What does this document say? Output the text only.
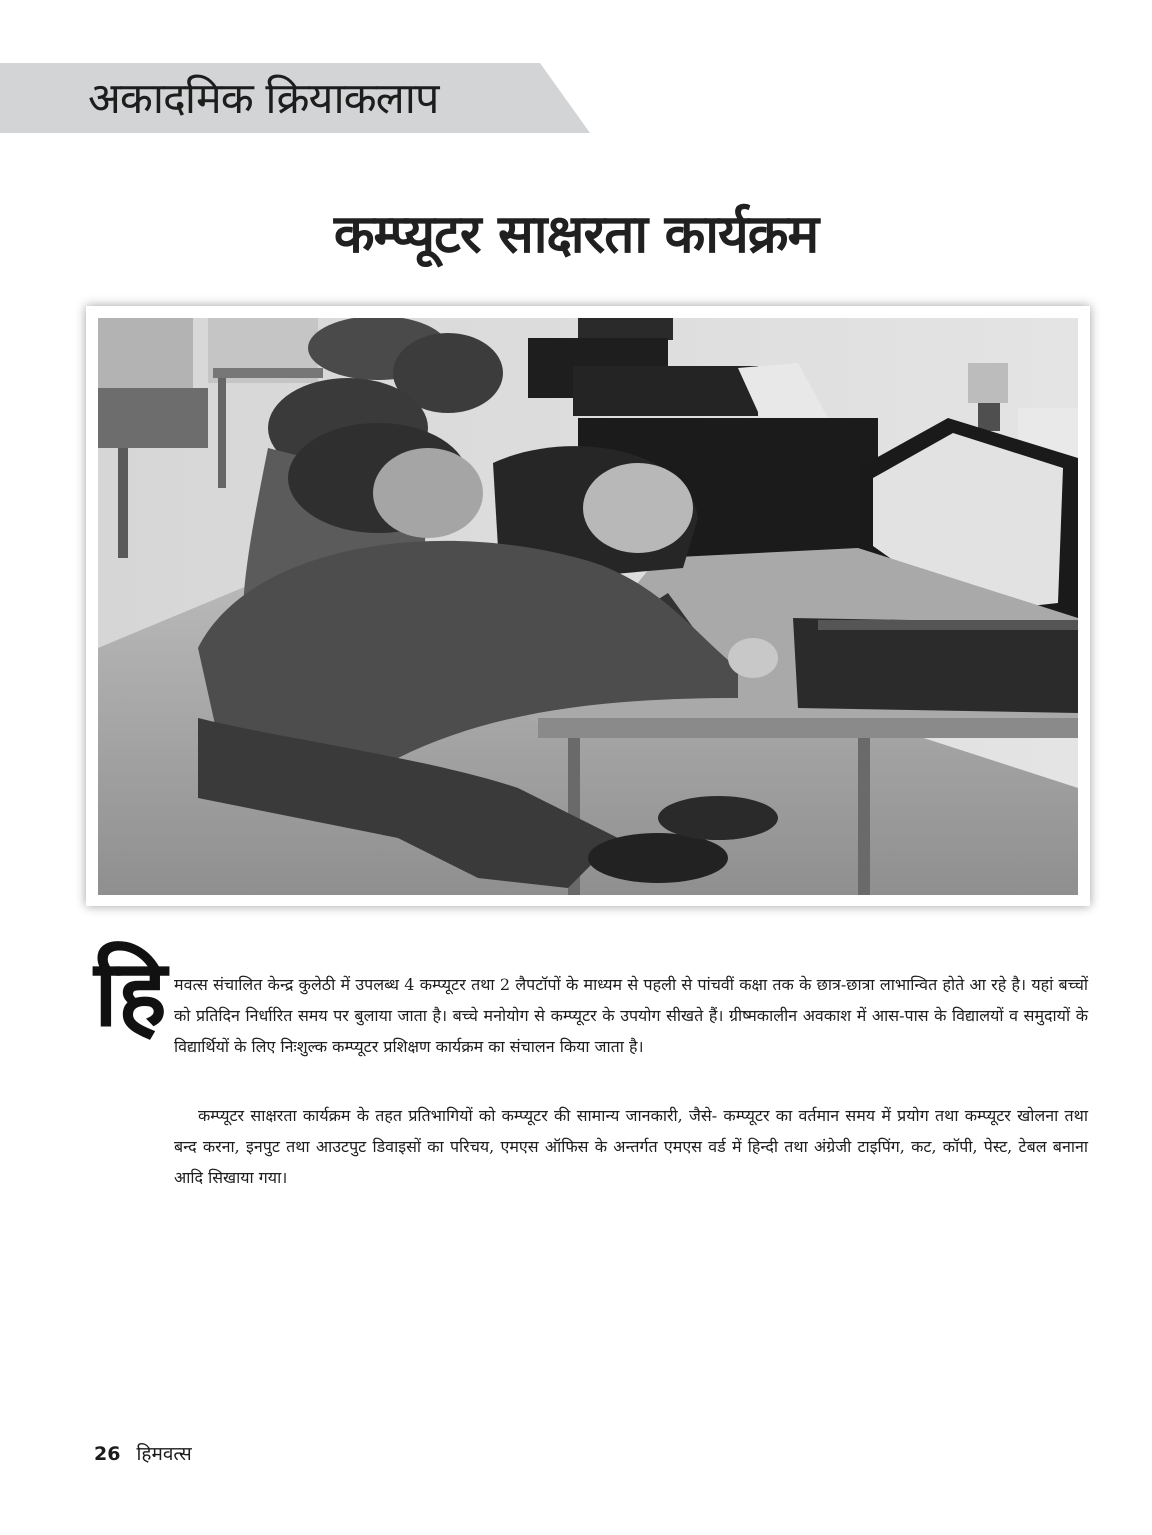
अकादमिक क्रियाकलाप
कम्प्यूटर साक्षरता कार्यक्रम
हि मवत्स संचालित केन्द्र कुलेठी में उपलब्ध 4 कम्प्यूटर तथा 2 लैपटॉपों के माध्यम से पहली से पांचवीं कक्षा तक के छात्र-छात्रा लाभान्वित होते आ रहे है। यहां बच्चों को प्रतिदिन निर्धारित समय पर बुलाया जाता है। बच्चे मनोयोग से कम्प्यूटर के उपयोग सीखते हैं। ग्रीष्मकालीन अवकाश में आस-पास के विद्यालयों व समुदायों के विद्यार्थियों के लिए निःशुल्क कम्प्यूटर प्रशिक्षण कार्यक्रम का संचालन किया जाता है।

कम्प्यूटर साक्षरता कार्यक्रम के तहत प्रतिभागियों को कम्प्यूटर की सामान्य जानकारी, जैसे- कम्प्यूटर का वर्तमान समय में प्रयोग तथा कम्प्यूटर खोलना तथा बन्द करना, इनपुट तथा आउटपुट डिवाइसों का परिचय, एमएस ऑफिस के अन्तर्गत एमएस वर्ड में हिन्दी तथा अंग्रेजी टाइपिंग, कट, कॉपी, पेस्ट, टेबल बनाना आदि सिखाया गया।

26 हिमवत्स
